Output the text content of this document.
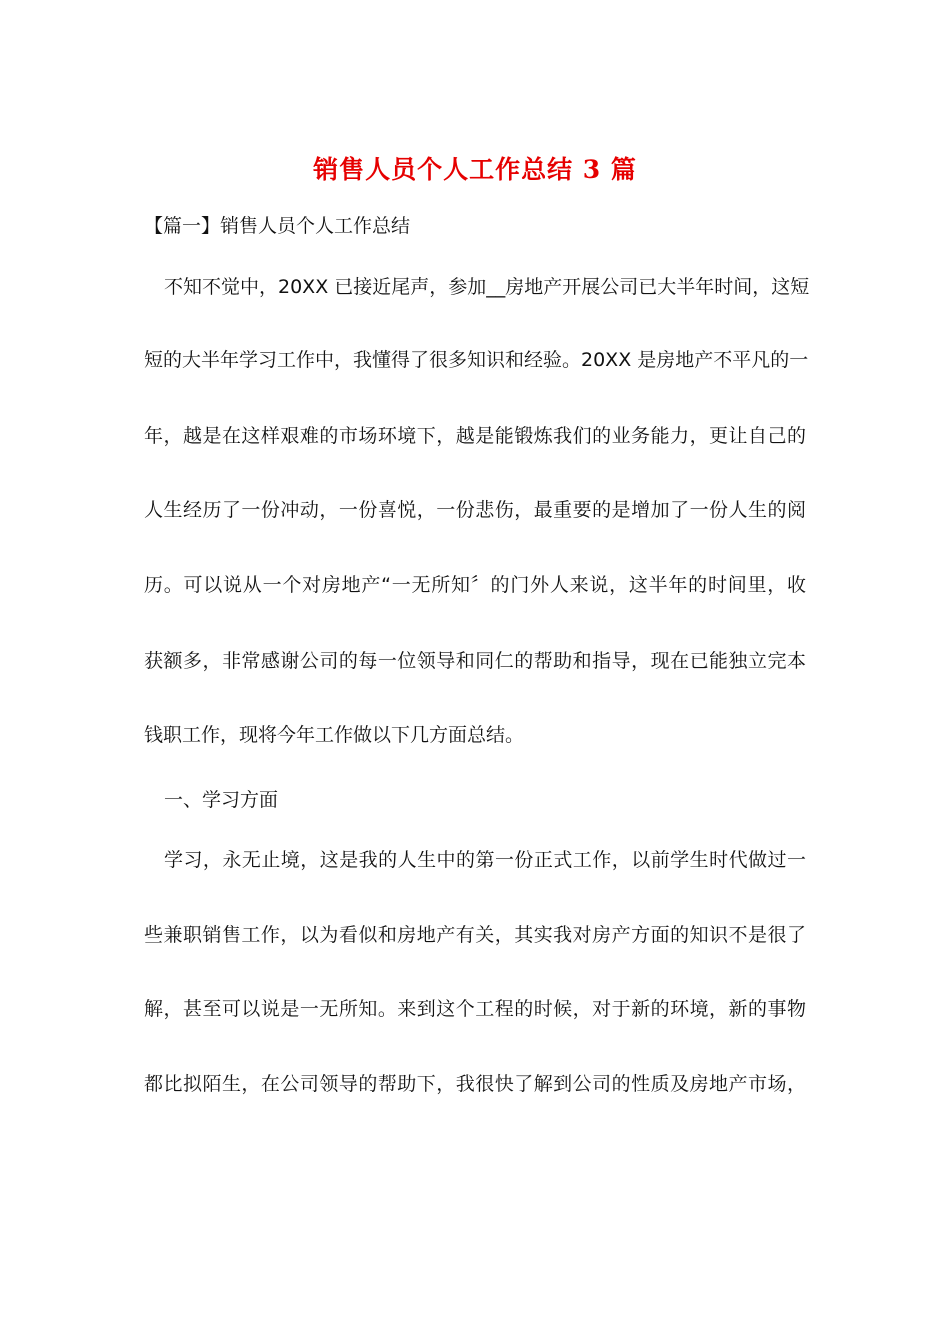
销售人员个人工作总结 3 篇
【篇一】销售人员个人工作总结
不知不觉中，20XX 已接近尾声，参加__房地产开展公司已大半年时间，这短
短的大半年学习工作中，我懂得了很多知识和经验。20XX 是房地产不平凡的一
年，越是在这样艰难的市场环境下，越是能锻炼我们的业务能力，更让自己的
人生经历了一份冲动，一份喜悦，一份悲伤，最重要的是增加了一份人生的阅
历。可以说从一个对房地产“一无所知〞的门外人来说，这半年的时间里，收
获额多，非常感谢公司的每一位领导和同仁的帮助和指导，现在已能独立完本
钱职工作，现将今年工作做以下几方面总结。
一、学习方面
学习，永无止境，这是我的人生中的第一份正式工作，以前学生时代做过一
些兼职销售工作，以为看似和房地产有关，其实我对房产方面的知识不是很了
解，甚至可以说是一无所知。来到这个工程的时候，对于新的环境，新的事物
都比拟陌生，在公司领导的帮助下，我很快了解到公司的性质及房地产市场，
